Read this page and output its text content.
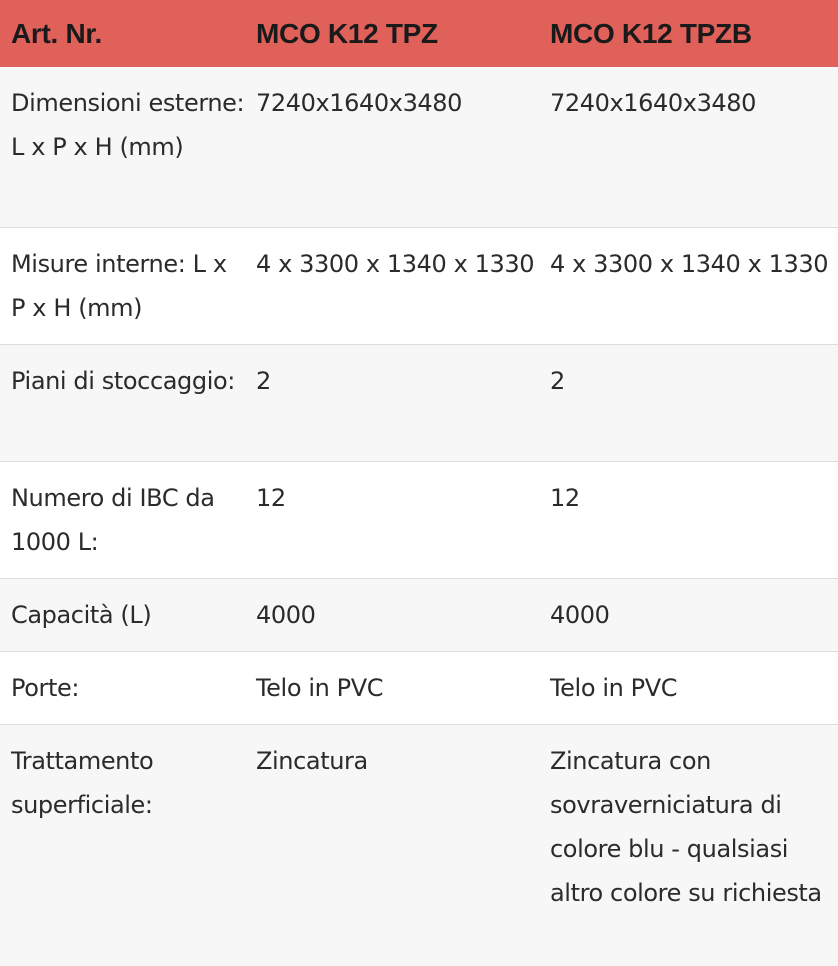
Art. Nr.	MCO K12 TPZ	MCO K12 TPZB
Dimensioni esterne: L x P x H (mm)	7240x1640x3480	7240x1640x3480
Misure interne: L x P x H (mm)	4 x 3300 x 1340 x 1330	4 x 3300 x 1340 x 1330
Piani di stoccaggio:	2	2
Numero di IBC da 1000 L:	12	12
Capacità (L)	4000	4000
Porte:	Telo in PVC	Telo in PVC
Trattamento superficiale:	Zincatura	Zincatura con sovraverniciatura di colore blu - qualsiasi altro colore su richiesta
